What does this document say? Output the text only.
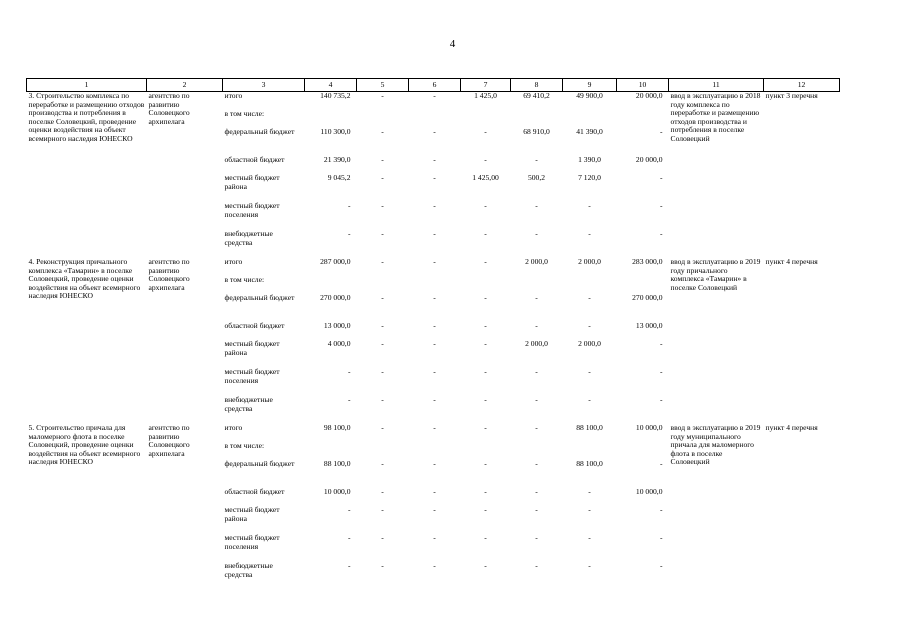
4
1	2	3	4	5	6	7	8	9	10	11	12
3. Строительство комплекса по переработке и размещению отходов производства и потребления в поселке Соловецкий, проведение оценки воздействия на объект всемирного наследия ЮНЕСКО	агентство по развитию Соловецкого архипелага	итого	140 735,2	-	-	1 425,0	69 410,2	49 900,0	20 000,0	ввод в эксплуатацию в 2018 году комплекса по переработке и размещению отходов производства и потребления в поселке Соловецкий	пункт 3 перечня
		в том числе:									
		федеральный бюджет	110 300,0	-	-	-	68 910,0	41 390,0	-		
		областной бюджет	21 390,0	-	-	-	-	1 390,0	20 000,0		
		местный бюджет района	9 045,2	-	-	1 425,00	500,2	7 120,0	-		
		местный бюджет поселения	-	-	-	-	-	-	-		
		внебюджетные средства	-	-	-	-	-	-	-		
4. Реконструкция причального комплекса «Тамарин» в поселке Соловецкий, проведение оценки воздействия на объект всемирного наследия ЮНЕСКО	агентство по развитию Соловецкого архипелага	итого	287 000,0	-	-	-	2 000,0	2 000,0	283 000,0	ввод в эксплуатацию в 2019 году причального комплекса «Тамарин» в поселке Соловецкий	пункт 4 перечня
		в том числе:									
		федеральный бюджет	270 000,0	-	-	-	-	-	270 000,0		
		областной бюджет	13 000,0	-	-	-	-	-	13 000,0		
		местный бюджет района	4 000,0	-	-	-	2 000,0	2 000,0	-		
		местный бюджет поселения	-	-	-	-	-	-	-		
		внебюджетные средства	-	-	-	-	-	-	-		
5. Строительство причала для маломерного флота в поселке Соловецкий, проведение оценки воздействия на объект всемирного наследия ЮНЕСКО	агентство по развитию Соловецкого архипелага	итого	98 100,0	-	-	-	-	88 100,0	10 000,0	ввод в эксплуатацию в 2019 году муниципального причала для маломерного флота в поселке Соловецкий	пункт 4 перечня
		в том числе:									
		федеральный бюджет	88 100,0	-	-	-	-	88 100,0	-		
		областной бюджет	10 000,0	-	-	-	-	-	10 000,0		
		местный бюджет района	-	-	-	-	-	-	-		
		местный бюджет поселения	-	-	-	-	-	-	-		
		внебюджетные средства	-	-	-	-	-	-	-		
